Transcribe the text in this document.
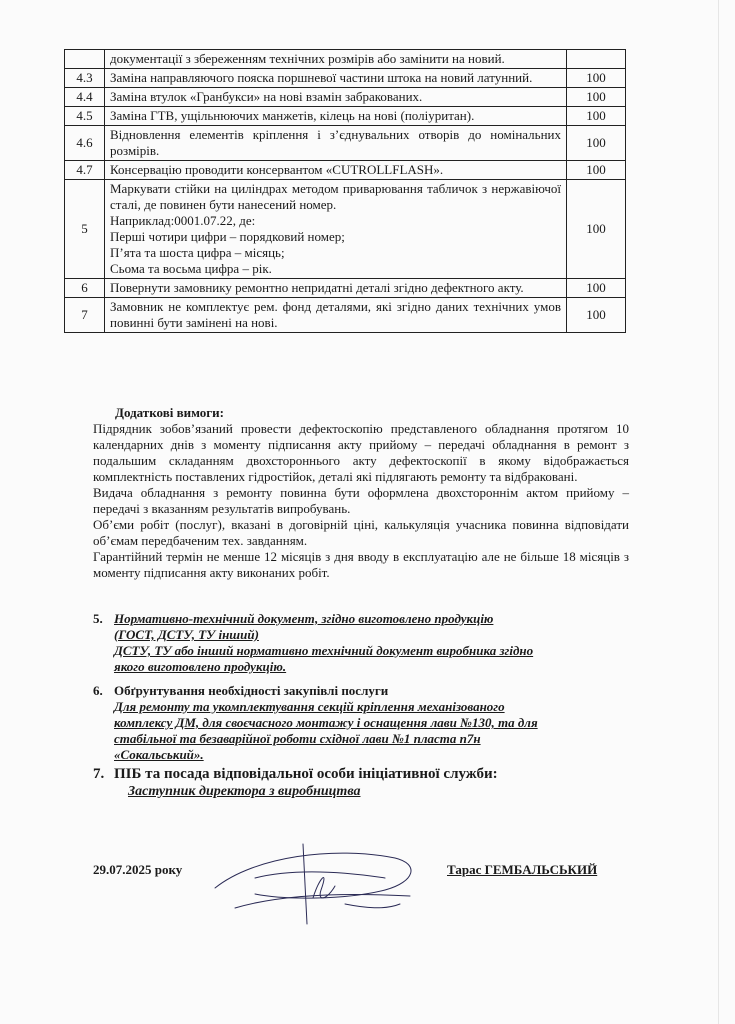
	документації з збереженням технічних розмірів або замінити на новий.	

4.3	Заміна направляючого пояска поршневої частини штока на новий латунний.	100
4.4	Заміна втулок «Гранбукси» на нові взамін забракованих.	100
4.5	Заміна ГТВ, ущільнюючих манжетів, кілець на нові (поліуритан).	100
4.6	Відновлення елементів кріплення і з’єднувальних отворів до номінальних розмірів.	100
4.7	Консервацію проводити консервантом «CUTROLLFLASH».	100
5	Маркувати стійки на циліндрах методом приварювання табличок з нержавіючої сталі, де повинен бути нанесений номер.
Наприклад:0001.07.22, де:
Перші чотири цифри – порядковий номер;
П’ята та шоста цифра – місяць;
Сьома та восьма цифра – рік.	100
6	Повернути замовнику ремонтно непридатні деталі згідно дефектного акту.	100
7	Замовник не комплектує рем. фонд деталями, які згідно даних технічних умов повинні бути замінені на нові.	100
Додаткові вимоги:

Підрядник зобов’язаний провести дефектоскопію представленого обладнання протягом 10 календарних днів з моменту підписання акту прийому – передачі обладнання в ремонт з подальшим складанням двохстороннього акту дефектоскопії в якому відображається комплектність поставлених гідростійок, деталі які підлягають ремонту та відбраковані.

Видача обладнання з ремонту повинна бути оформлена двохстороннім актом прийому – передачі з вказанням результатів випробувань.

Об’єми робіт (послуг), вказані в договірній ціні, калькуляція учасника повинна відповідати об’ємам передбаченим тех. завданням.

Гарантійний термін не менше 12 місяців з дня вводу в експлуатацію але не більше 18 місяців з моменту підписання акту виконаних робіт.

5. Нормативно-технічний документ, згідно виготовлено продукцію
(ГОСТ, ДСТУ, ТУ інший)
ДСТУ, ТУ або інший нормативно технічний документ виробника згідно
якого виготовлено продукцію.
6. Обґрунтування необхідності закупівлі послуги
Для ремонту та укомплектування секцій кріплення механізованого
комплексу ДМ, для своєчасного монтажу і оснащення лави №130, та для
стабільної та безаварійної роботи східної лави №1 пласта п7н
«Сокальський».
7. ПІБ та посада відповідальної особи ініціативної служби:
Заступник директора з виробництва
29.07.2025 року	Тарас ГЕМБАЛЬСЬКИЙ
